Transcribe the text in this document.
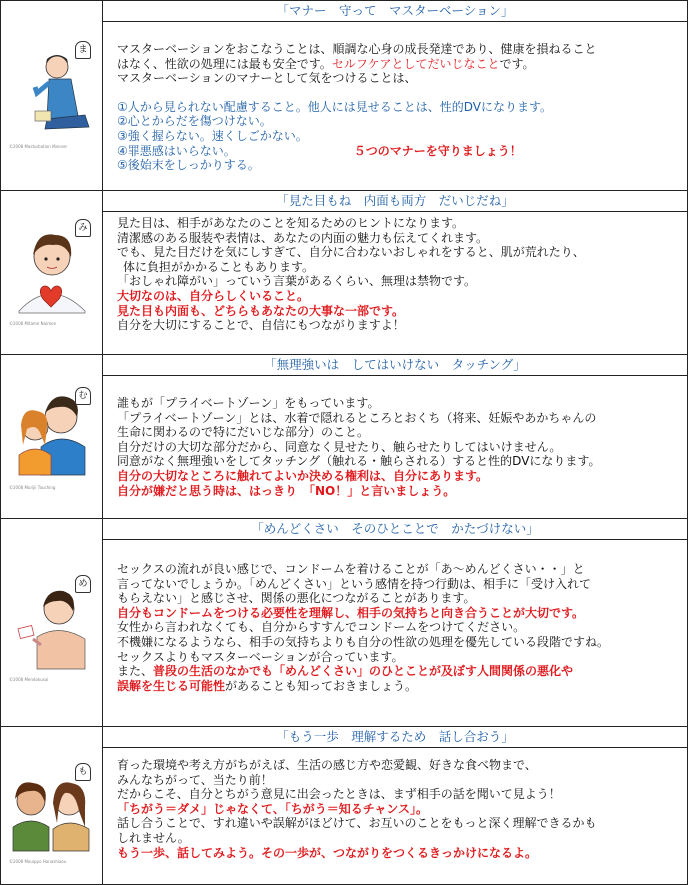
ま
©2008 Masturbation Manner
「マナー　守って　マスターベーション」

マスターベーションをおこなうことは、順調な心身の成長発達であり、健康を損ねること

はなく、性欲の処理には最も安全です。セルフケアとしてだいじなことです。

マスターベーションのマナーとして気をつけることは、

①人から見られない配慮すること。他人には見せることは、性的DVになります。

②心とからだを傷つけない。

③強く握らない。速くしごかない。

④罪悪感はいらない。	５つのマナーを守りましょう！

⑤後始末をしっかりする。

み
©2008 Mitame Naimen
「見た目もね　内面も両方　だいじだね」

見た目は、相手があなたのことを知るためのヒントになります。

清潔感のある服装や表情は、あなたの内面の魅力も伝えてくれます。

でも、見た目だけを気にしすぎて、自分に合わないおしゃれをすると、肌が荒れたり、

体に負担がかかることもあります。

「おしゃれ障がい」っていう言葉があるくらい、無理は禁物です。

大切なのは、自分らしくいること。

見た目も内面も、どちらもあなたの大事な一部です。

自分を大切にすることで、自信にもつながりますよ！

む
©2008 Murijii Touching
「無理強いは　してはいけない　タッチング」

誰もが「プライベートゾーン」をもっています。

「プライベートゾーン」とは、水着で隠れるところとおくち（将来、妊娠やあかちゃんの

生命に関わるので特にだいじな部分）のこと。

自分だけの大切な部分だから、同意なく見せたり、触らせたりしてはいけません。

同意がなく無理強いをしてタッチング（触れる・触らされる）すると性的DVになります。

自分の大切なところに触れてよいか決める権利は、自分にあります。

自分が嫌だと思う時は、はっきり　「NO！」と言いましょう。

め
©2008 Mendokusai
「めんどくさい　そのひとことで　かたづけない」

セックスの流れが良い感じで、コンドームを着けることが「あ～めんどくさい・・」と

言ってないでしょうか。「めんどくさい」という感情を持つ行動は、相手に「受け入れて

もらえない」と感じさせ、関係の悪化につながることがあります。

自分もコンドームをつける必要性を理解し、相手の気持ちと向き合うことが大切です。

女性から言われなくても、自分からすすんでコンドームをつけてください。

不機嫌になるようなら、相手の気持ちよりも自分の性欲の処理を優先している段階ですね。

セックスよりもマスターベーションが合っています。

また、普段の生活のなかでも「めんどくさい」のひとことが及ぼす人間関係の悪化や

誤解を生じる可能性があることも知っておきましょう。

も
©2008 Mouippo Hanashiaou
「もう一歩　理解するため　話し合おう」

育った環境や考え方がちがえば、生活の感じ方や恋愛観、好きな食べ物まで、

みんなちがって、当たり前！

だからこそ、自分とちがう意見に出会ったときは、まず相手の話を聞いて見よう！

「ちがう＝ダメ」じゃなくて、「ちがう＝知るチャンス」。

話し合うことで、すれ違いや誤解がほどけて、お互いのことをもっと深く理解できるかも

しれません。

もう一歩、話してみよう。その一歩が、つながりをつくるきっかけになるよ。
